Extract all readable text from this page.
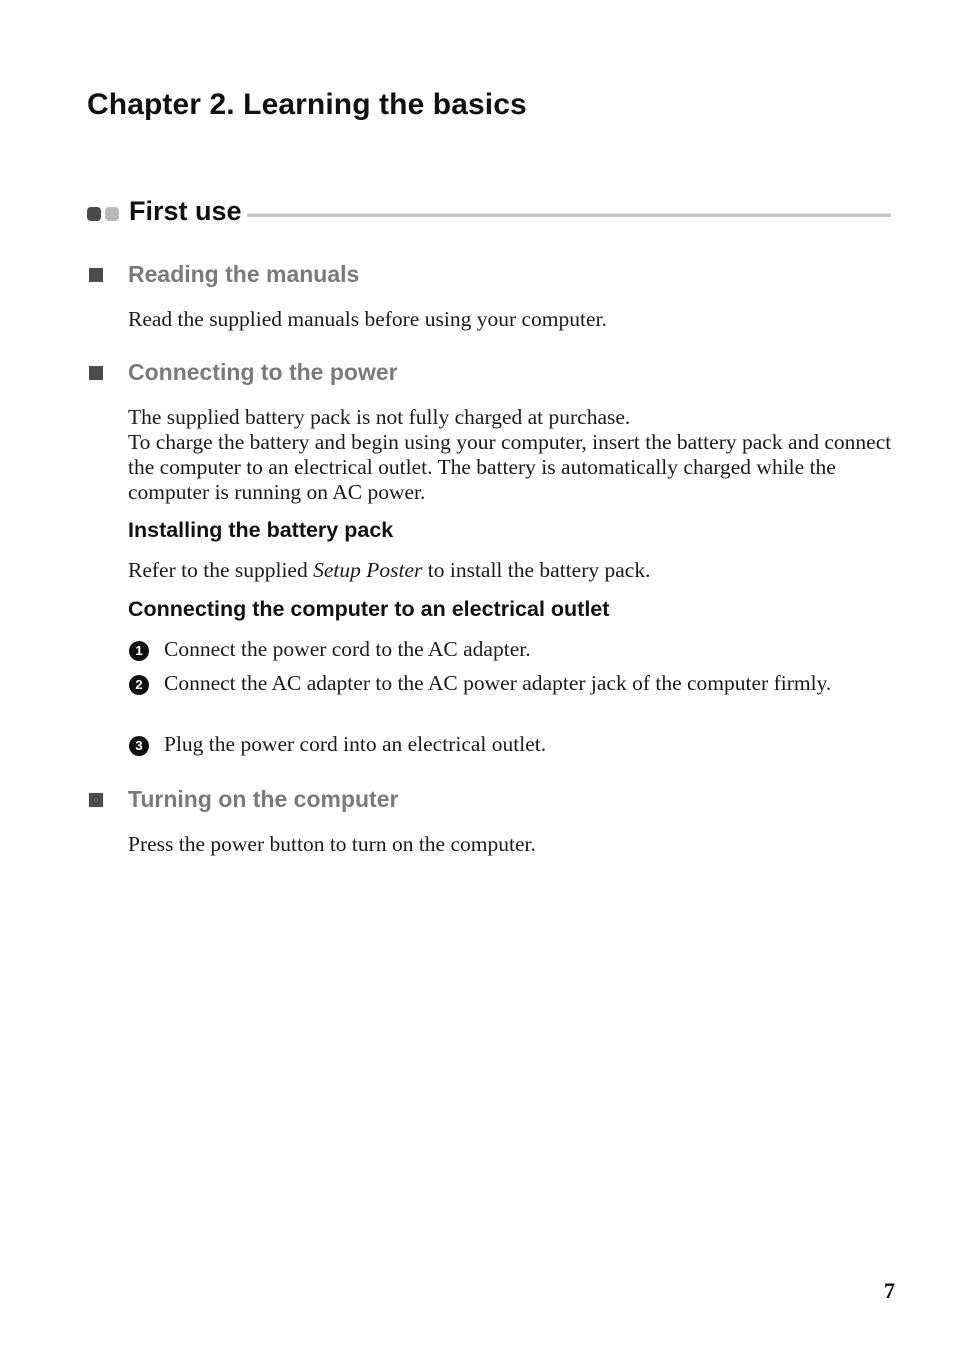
Chapter 2. Learning the basics
First use
Reading the manuals

Read the supplied manuals before using your computer.

Connecting to the power

The supplied battery pack is not fully charged at purchase.

To charge the battery and begin using your computer, insert the battery pack and connect the computer to an electrical outlet. The battery is automatically charged while the computer is running on AC power.

Installing the battery pack

Refer to the supplied Setup Poster to install the battery pack.

Connecting the computer to an electrical outlet
1 Connect the power cord to the AC adapter.

2 Connect the AC adapter to the AC power adapter jack of the computer firmly.

3 Plug the power cord into an electrical outlet.

Turning on the computer

Press the power button to turn on the computer.

7
